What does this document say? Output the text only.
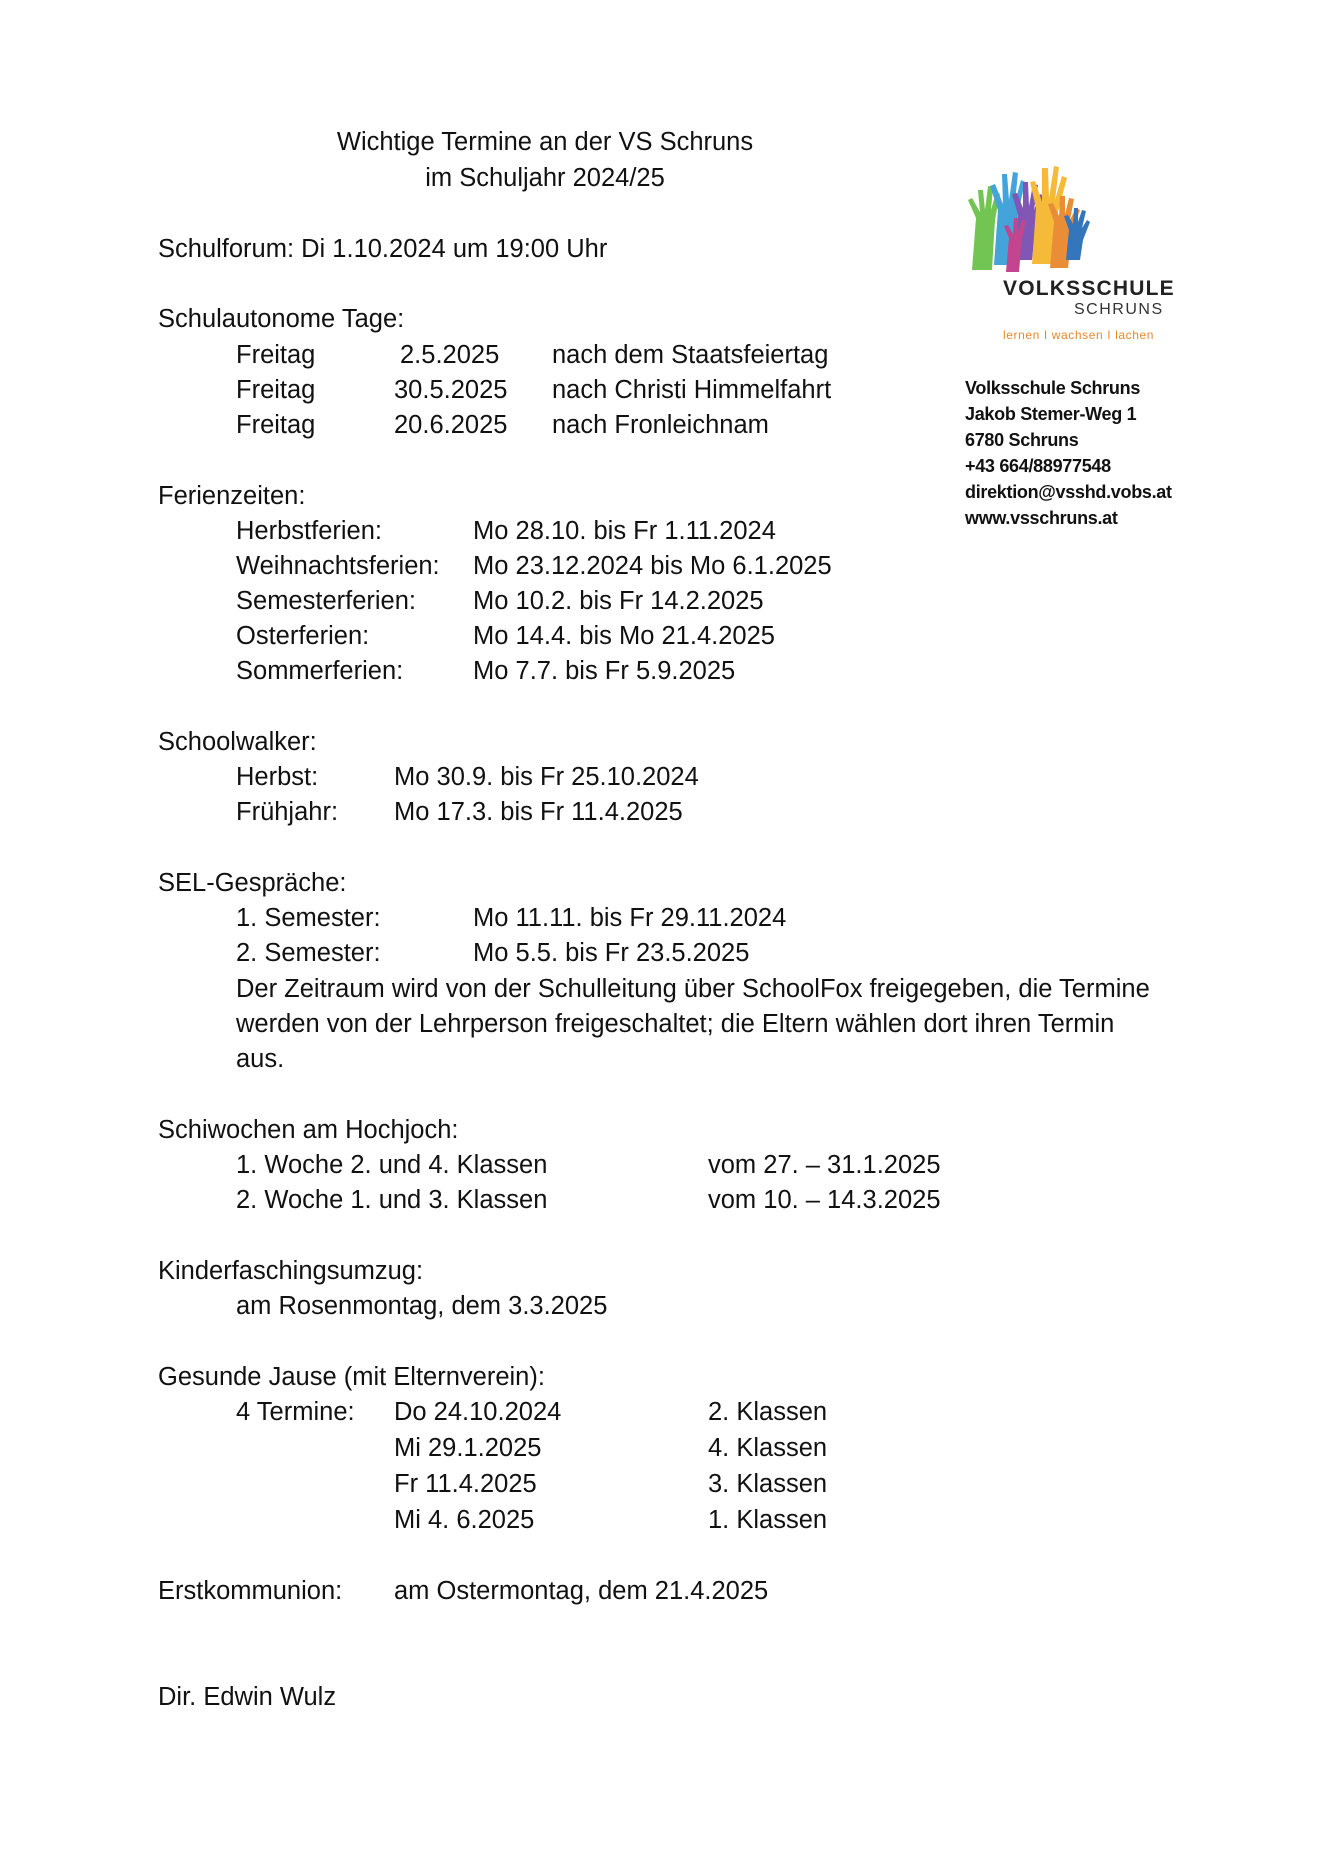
Wichtige Termine an der VS Schruns
im Schuljahr 2024/25
VOLKSSCHULE
SCHRUNS
lernen I wachsen I lachen
Volksschule Schruns
Jakob Stemer-Weg 1
6780 Schruns
+43 664/88977548
direktion@vsshd.vobs.at
www.vsschruns.at
Schulforum: Di 1.10.2024 um 19:00 Uhr
Schulautonome Tage:
Freitag	2.5.2025 nach dem Staatsfeiertag
Freitag	30.5.2025 nach Christi Himmelfahrt
Freitag	20.6.2025 nach Fronleichnam
Ferienzeiten:
Herbstferien:	Mo 28.10. bis Fr 1.11.2024
Weihnachtsferien: Mo 23.12.2024 bis Mo 6.1.2025
Semesterferien: Mo 10.2. bis Fr 14.2.2025
Osterferien:	Mo 14.4. bis Mo 21.4.2025
Sommerferien:	Mo 7.7. bis Fr 5.9.2025
Schoolwalker:
Herbst:	Mo 30.9. bis Fr 25.10.2024
Frühjahr: Mo 17.3. bis Fr 11.4.2025
SEL-Gespräche:
1. Semester:	Mo 11.11. bis Fr 29.11.2024
2. Semester:	Mo 5.5. bis Fr 23.5.2025
Der Zeitraum wird von der Schulleitung über SchoolFox freigegeben, die Termine
werden von der Lehrperson freigeschaltet; die Eltern wählen dort ihren Termin
aus.
Schiwochen am Hochjoch:
1. Woche 2. und 4. Klassen	vom 27. – 31.1.2025
2. Woche 1. und 3. Klassen	vom 10. – 14.3.2025
Kinderfaschingsumzug:
am Rosenmontag, dem 3.3.2025
Gesunde Jause (mit Elternverein):
4 Termine: Do 24.10.2024	2. Klassen
Mi 29.1.2025	4. Klassen
Fr 11.4.2025	3. Klassen
Mi 4. 6.2025	1. Klassen
Erstkommunion: am Ostermontag, dem 21.4.2025
Dir. Edwin Wulz
